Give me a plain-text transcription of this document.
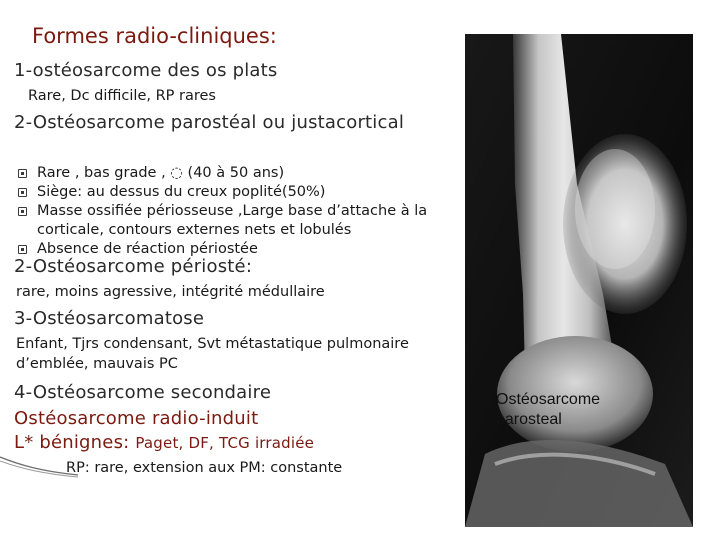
Formes radio-cliniques:
1-ostéosarcome des os plats
Rare, Dc difficile, RP rares
2-Ostéosarcome parostéal ou justacortical
Rare , bas grade , ◌ (40 à 50 ans)
Siège: au dessus du creux poplité(50%)
Masse ossifiée périosseuse ,Large base d’attache à la
corticale, contours externes nets et lobulés
Absence de réaction périostée
2-Ostéosarcome périosté:
rare, moins agressive, intégrité médullaire
3-Ostéosarcomatose
Enfant, Tjrs condensant, Svt métastatique pulmonaire
d’emblée, mauvais PC
4-Ostéosarcome secondaire
Ostéosarcome radio-induit
L* bénignes: Paget, DF, TCG irradiée
RP: rare, extension aux PM: constante
Ostéosarcome
parosteal
